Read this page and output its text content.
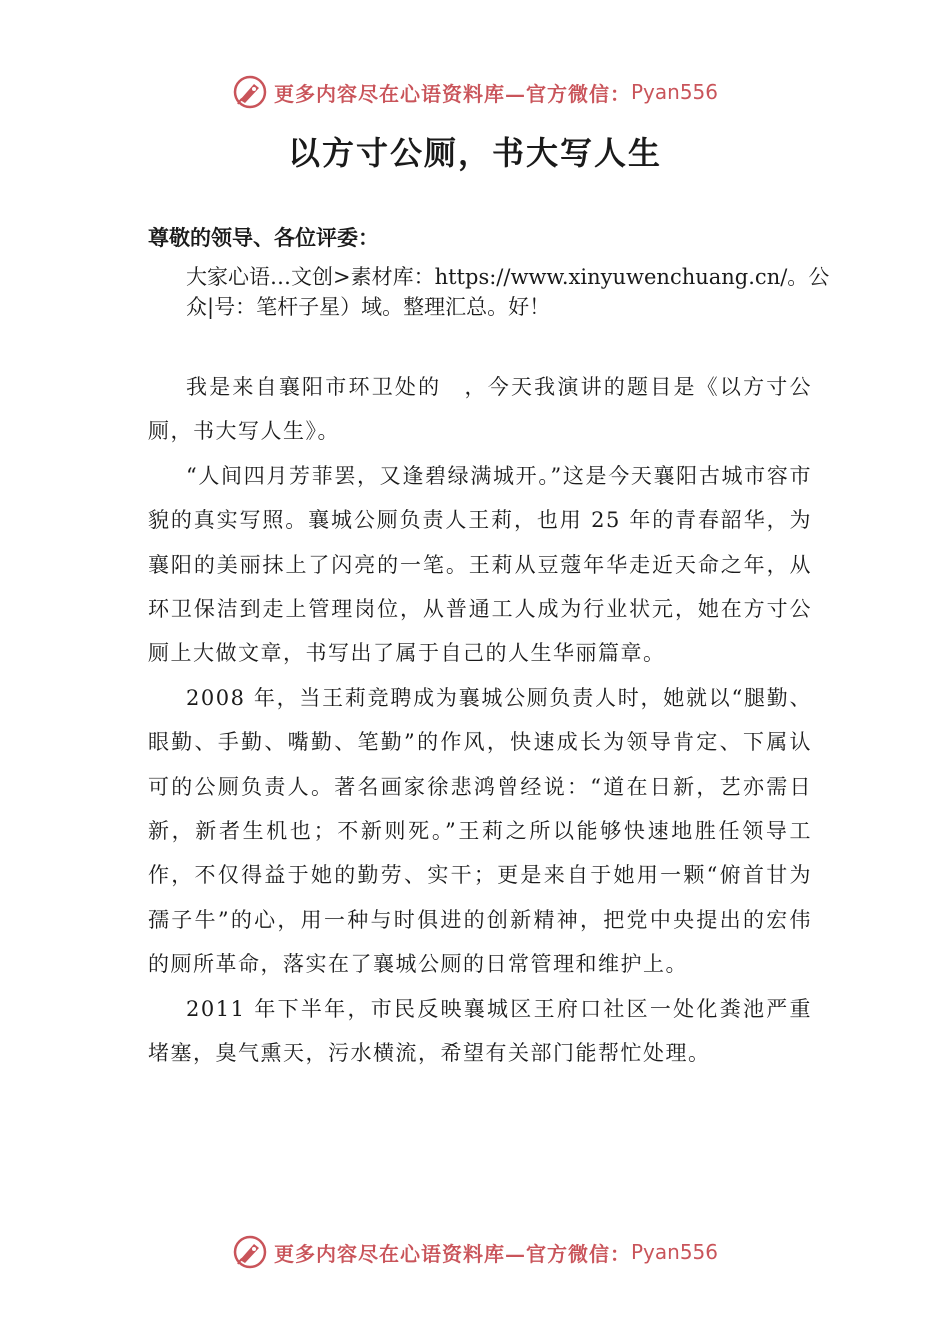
更多内容尽在心语资料库—官方微信： Pyan556
以方寸公厕，书大写人生
尊敬的领导、各位评委：
大家心语…文创>素材库：https://www.xinyuwenchuang.cn/。公众|号：笔杆子星）域。整理汇总。好！

我是来自襄阳市环卫处的　，今天我演讲的题目是《以方寸公厕，书大写人生》。

“人间四月芳菲罢，又逢碧绿满城开。”这是今天襄阳古城市容市貌的真实写照。襄城公厕负责人王莉，也用 25 年的青春韶华，为襄阳的美丽抹上了闪亮的一笔。王莉从豆蔻年华走近天命之年，从环卫保洁到走上管理岗位，从普通工人成为行业状元，她在方寸公厕上大做文章，书写出了属于自己的人生华丽篇章。

2008 年，当王莉竞聘成为襄城公厕负责人时，她就以“腿勤、眼勤、手勤、嘴勤、笔勤”的作风，快速成长为领导肯定、下属认可的公厕负责人。著名画家徐悲鸿曾经说：“道在日新，艺亦需日新，新者生机也；不新则死。”王莉之所以能够快速地胜任领导工作，不仅得益于她的勤劳、实干；更是来自于她用一颗“俯首甘为孺子牛”的心，用一种与时俱进的创新精神，把党中央提出的宏伟的厕所革命，落实在了襄城公厕的日常管理和维护上。

2011 年下半年，市民反映襄城区王府口社区一处化粪池严重堵塞，臭气熏天，污水横流，希望有关部门能帮忙处理。

更多内容尽在心语资料库—官方微信： Pyan556
